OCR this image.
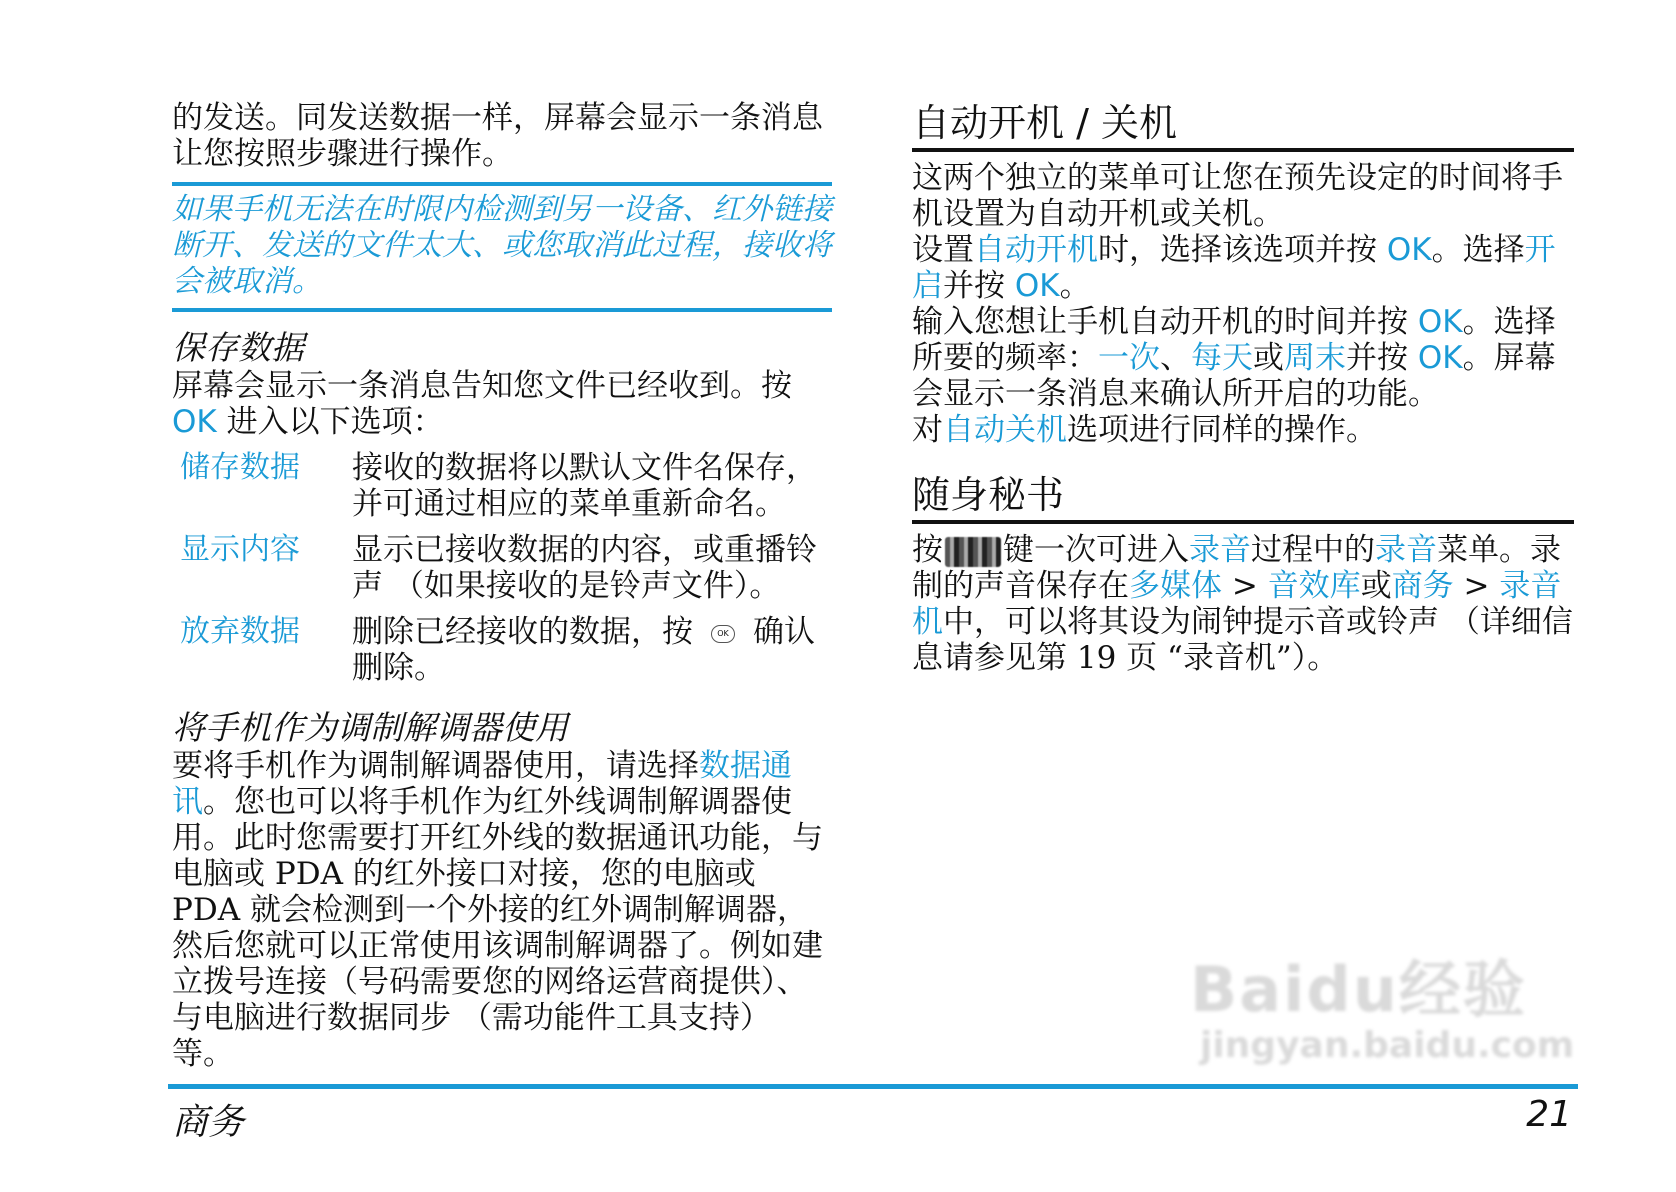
的发送。同发送数据一样，屏幕会显示一条消息
让您按照步骤进行操作。

如果手机无法在时限内检测到另一设备、红外链接断开、发送的文件太大、或您取消此过程，接收将会被取消。
保存数据

屏幕会显示一条消息告知您文件已经收到。按OK 进入以下选项：

储存数据	接收的数据将以默认文件名保存，并可通过相应的菜单重新命名。
显示内容	显示已接收数据的内容，或重播铃声 （如果接收的是铃声文件）。
放弃数据	删除已经接收的数据，按	OK 确认删除。
将手机作为调制解调器使用

要将手机作为调制解调器使用，请选择数据通讯。您也可以将手机作为红外线调制解调器使用。此时您需要打开红外线的数据通讯功能，与电脑或 PDA 的红外接口对接，您的电脑或 PDA 就会检测到一个外接的红外调制解调器，然后您就可以正常使用该调制解调器了。例如建立拨号连接（号码需要您的网络运营商提供）、与电脑进行数据同步 （需功能件工具支持）等。

自动开机 / 关机

这两个独立的菜单可让您在预先设定的时间将手机设置为自动开机或关机。

设置自动开机时，选择该选项并按 OK。选择开启并按 OK。

输入您想让手机自动开机的时间并按 OK。选择所要的频率：一次、每天或周末并按 OK。屏幕会显示一条消息来确认所开启的功能。

对自动关机选项进行同样的操作。

随身秘书

按 键一次可进入录音过程中的录音菜单。录制的声音保存在多媒体 > 音效库或商务 > 录音机中，可以将其设为闹钟提示音或铃声 （详细信息请参见第 19 页 “录音机”）。

Baidu经验
jingyan.baidu.com
商务	21
